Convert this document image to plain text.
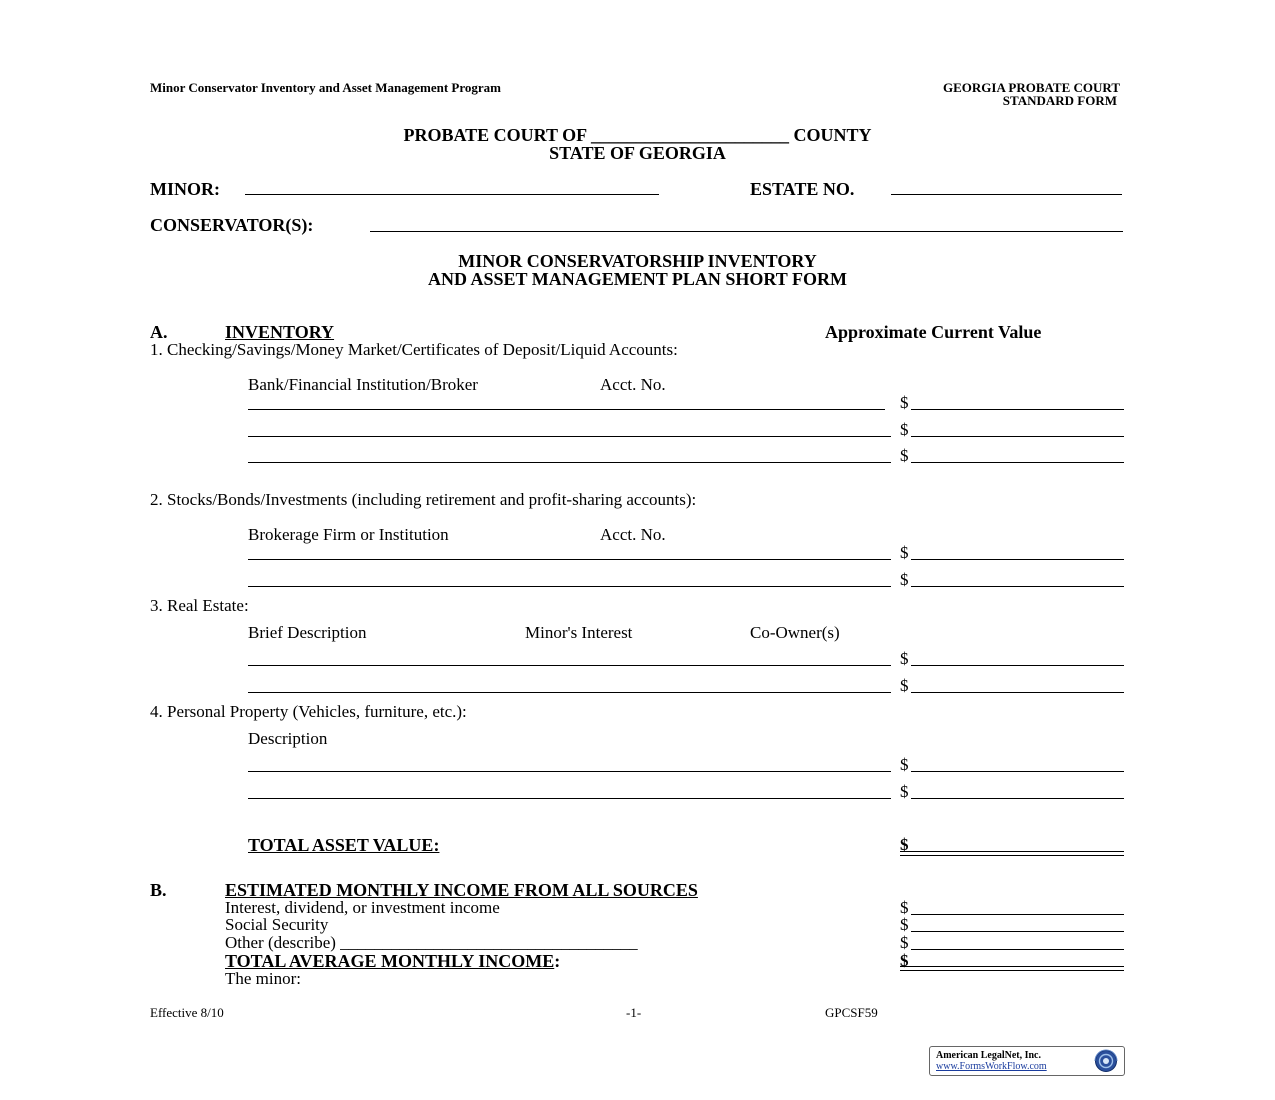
Minor Conservator Inventory and Asset Management Program	GEORGIA PROBATE COURT
STANDARD FORM
PROBATE COURT OF ______________________ COUNTY
STATE OF GEORGIA
MINOR:	ESTATE NO.
CONSERVATOR(S):
MINOR CONSERVATORSHIP INVENTORY
AND ASSET MANAGEMENT PLAN SHORT FORM
A.	INVENTORY	Approximate Current Value
1. Checking/Savings/Money Market/Certificates of Deposit/Liquid Accounts:
Bank/Financial Institution/Broker	Acct. No.
$
$
$
2. Stocks/Bonds/Investments (including retirement and profit-sharing accounts):
Brokerage Firm or Institution	Acct. No.
$
$
3. Real Estate:
Brief Description	Minor's Interest	Co-Owner(s)
$
$
4. Personal Property (Vehicles, furniture, etc.):
Description
$
$
TOTAL ASSET VALUE:	$
B.	ESTIMATED MONTHLY INCOME FROM ALL SOURCES
Interest, dividend, or investment income	$
Social Security	$
Other (describe) ___________________________________	$
TOTAL AVERAGE MONTHLY INCOME:	$
The minor:
Effective 8/10	-1-	GPCSF59
American LegalNet, Inc.
www.FormsWorkFlow.com
